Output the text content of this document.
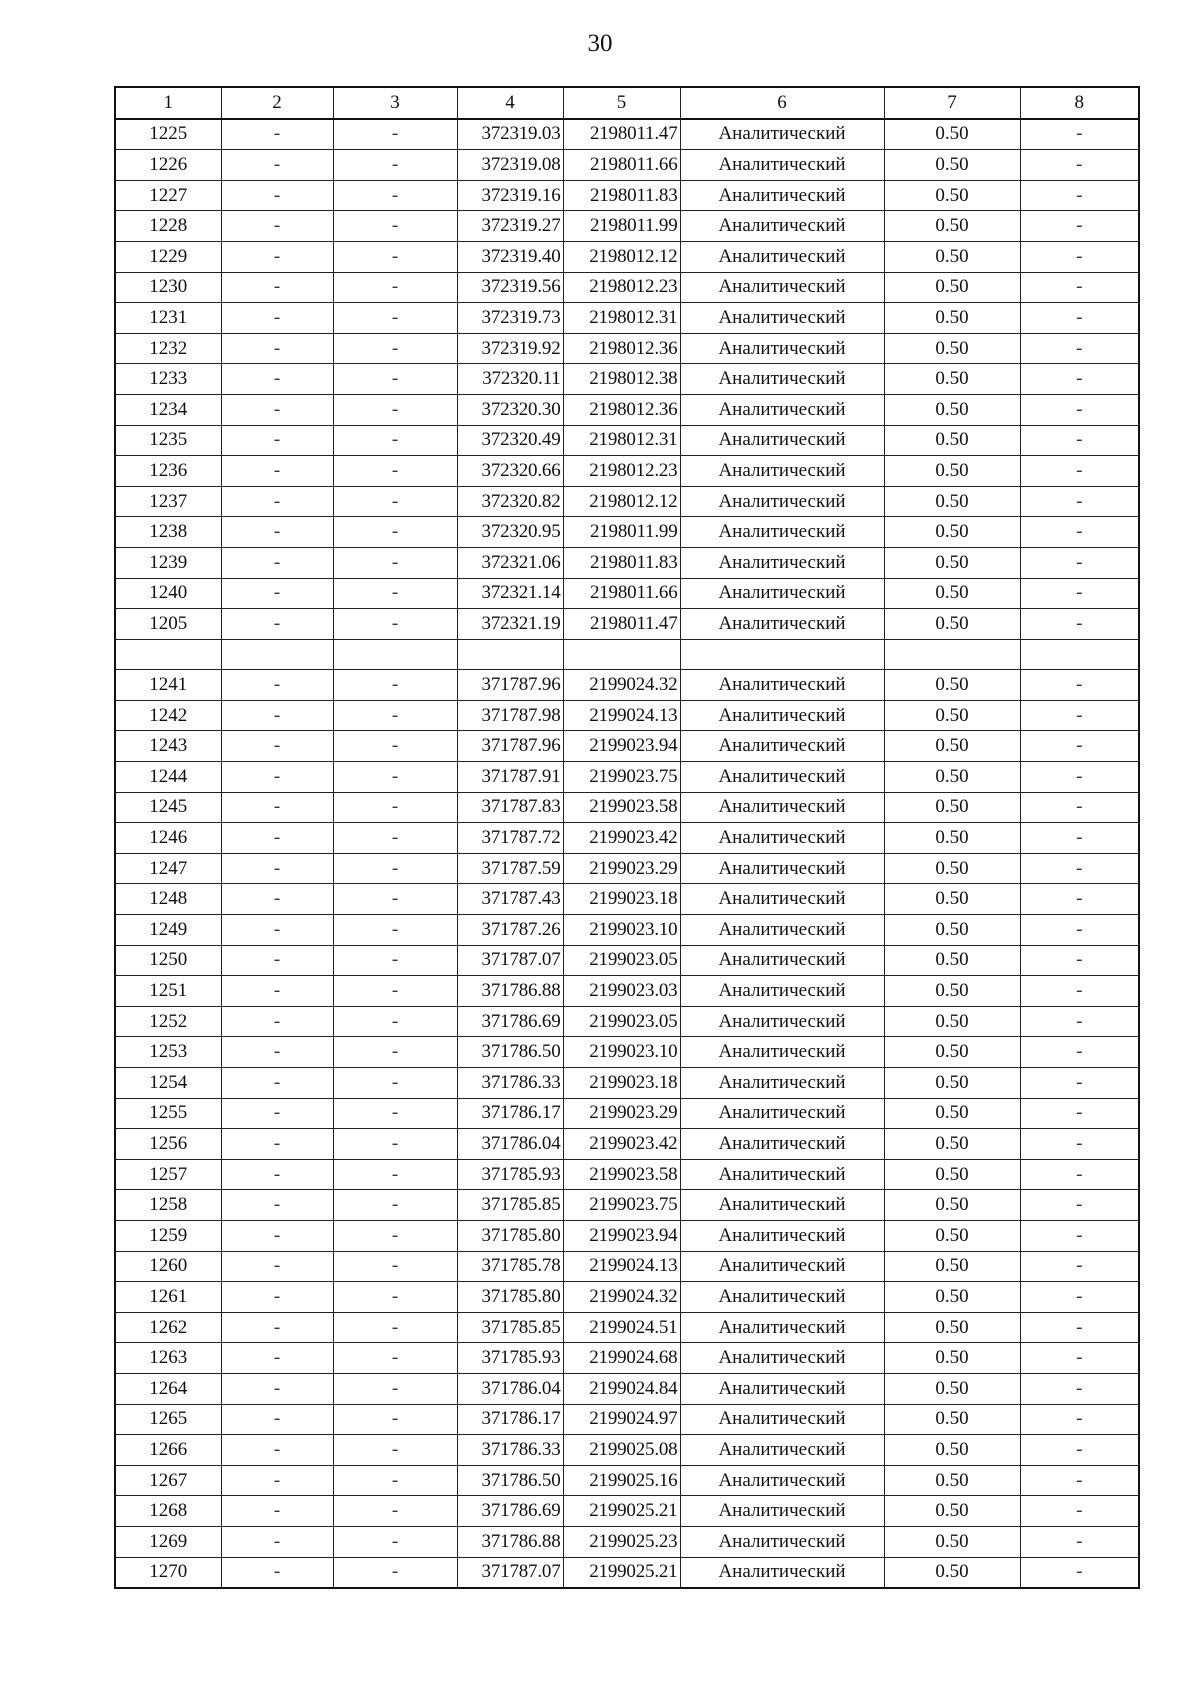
30
1	2	3	4	5	6	7	8
1225	-	-	372319.03	2198011.47	Аналитический	0.50	-
1226	-	-	372319.08	2198011.66	Аналитический	0.50	-
1227	-	-	372319.16	2198011.83	Аналитический	0.50	-
1228	-	-	372319.27	2198011.99	Аналитический	0.50	-
1229	-	-	372319.40	2198012.12	Аналитический	0.50	-
1230	-	-	372319.56	2198012.23	Аналитический	0.50	-
1231	-	-	372319.73	2198012.31	Аналитический	0.50	-
1232	-	-	372319.92	2198012.36	Аналитический	0.50	-
1233	-	-	372320.11	2198012.38	Аналитический	0.50	-
1234	-	-	372320.30	2198012.36	Аналитический	0.50	-
1235	-	-	372320.49	2198012.31	Аналитический	0.50	-
1236	-	-	372320.66	2198012.23	Аналитический	0.50	-
1237	-	-	372320.82	2198012.12	Аналитический	0.50	-
1238	-	-	372320.95	2198011.99	Аналитический	0.50	-
1239	-	-	372321.06	2198011.83	Аналитический	0.50	-
1240	-	-	372321.14	2198011.66	Аналитический	0.50	-
1205	-	-	372321.19	2198011.47	Аналитический	0.50	-

1241	-	-	371787.96	2199024.32	Аналитический	0.50	-
1242	-	-	371787.98	2199024.13	Аналитический	0.50	-
1243	-	-	371787.96	2199023.94	Аналитический	0.50	-
1244	-	-	371787.91	2199023.75	Аналитический	0.50	-
1245	-	-	371787.83	2199023.58	Аналитический	0.50	-
1246	-	-	371787.72	2199023.42	Аналитический	0.50	-
1247	-	-	371787.59	2199023.29	Аналитический	0.50	-
1248	-	-	371787.43	2199023.18	Аналитический	0.50	-
1249	-	-	371787.26	2199023.10	Аналитический	0.50	-
1250	-	-	371787.07	2199023.05	Аналитический	0.50	-
1251	-	-	371786.88	2199023.03	Аналитический	0.50	-
1252	-	-	371786.69	2199023.05	Аналитический	0.50	-
1253	-	-	371786.50	2199023.10	Аналитический	0.50	-
1254	-	-	371786.33	2199023.18	Аналитический	0.50	-
1255	-	-	371786.17	2199023.29	Аналитический	0.50	-
1256	-	-	371786.04	2199023.42	Аналитический	0.50	-
1257	-	-	371785.93	2199023.58	Аналитический	0.50	-
1258	-	-	371785.85	2199023.75	Аналитический	0.50	-
1259	-	-	371785.80	2199023.94	Аналитический	0.50	-
1260	-	-	371785.78	2199024.13	Аналитический	0.50	-
1261	-	-	371785.80	2199024.32	Аналитический	0.50	-
1262	-	-	371785.85	2199024.51	Аналитический	0.50	-
1263	-	-	371785.93	2199024.68	Аналитический	0.50	-
1264	-	-	371786.04	2199024.84	Аналитический	0.50	-
1265	-	-	371786.17	2199024.97	Аналитический	0.50	-
1266	-	-	371786.33	2199025.08	Аналитический	0.50	-
1267	-	-	371786.50	2199025.16	Аналитический	0.50	-
1268	-	-	371786.69	2199025.21	Аналитический	0.50	-
1269	-	-	371786.88	2199025.23	Аналитический	0.50	-
1270	-	-	371787.07	2199025.21	Аналитический	0.50	-
